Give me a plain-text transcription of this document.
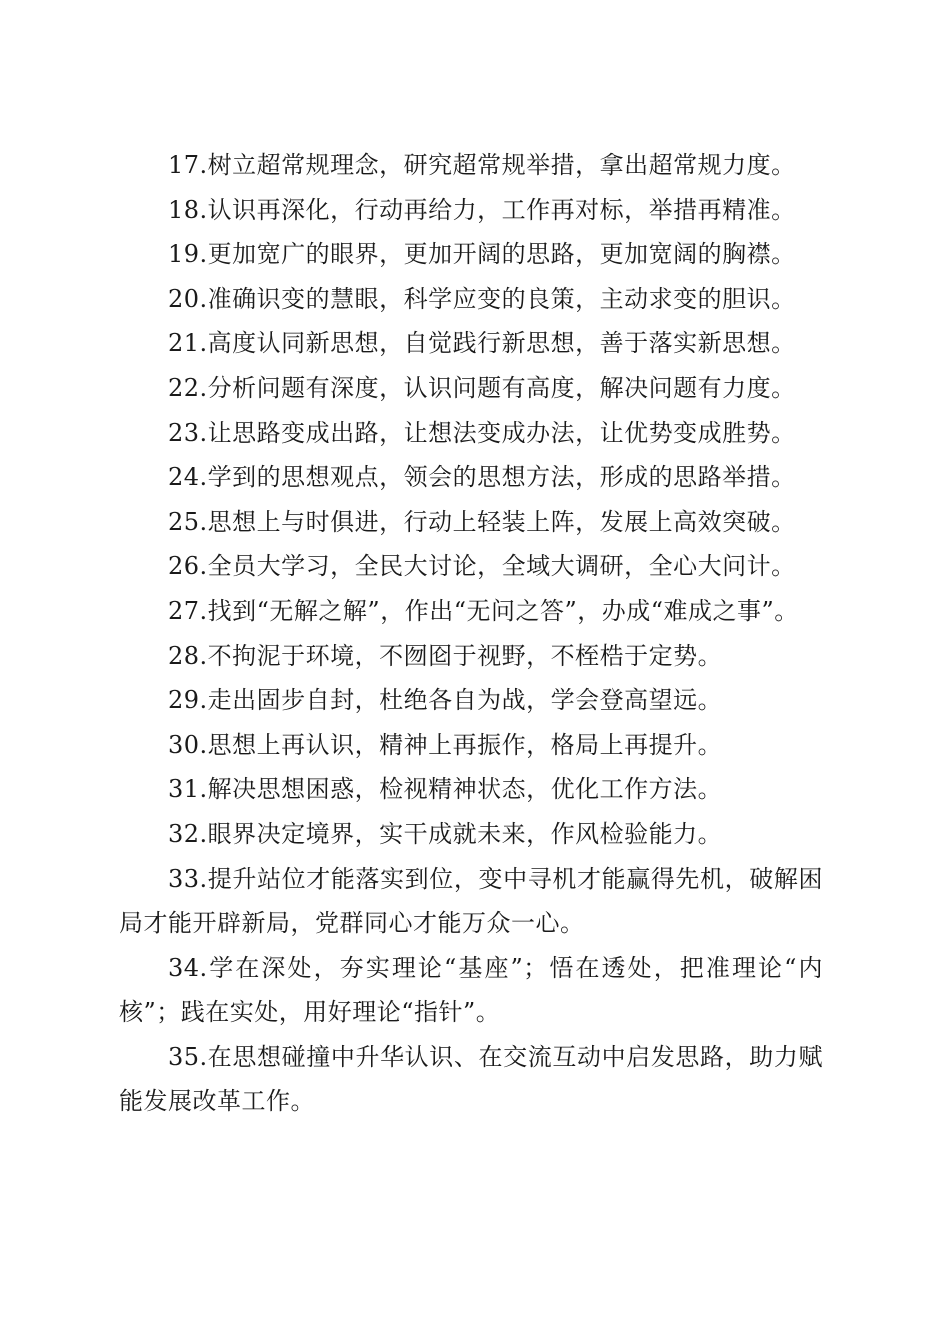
17.树立超常规理念，研究超常规举措，拿出超常规力度。

18.认识再深化，行动再给力，工作再对标，举措再精准。

19.更加宽广的眼界，更加开阔的思路，更加宽阔的胸襟。

20.准确识变的慧眼，科学应变的良策，主动求变的胆识。

21.高度认同新思想，自觉践行新思想，善于落实新思想。

22.分析问题有深度，认识问题有高度，解决问题有力度。

23.让思路变成出路，让想法变成办法，让优势变成胜势。

24.学到的思想观点，领会的思想方法，形成的思路举措。

25.思想上与时俱进，行动上轻装上阵，发展上高效突破。

26.全员大学习，全民大讨论，全域大调研，全心大问计。

27.找到“无解之解”，作出“无问之答”，办成“难成之事”。

28.不拘泥于环境，不囫囵于视野，不桎梏于定势。

29.走出固步自封，杜绝各自为战，学会登高望远。

30.思想上再认识，精神上再振作，格局上再提升。

31.解决思想困惑，检视精神状态，优化工作方法。

32.眼界决定境界，实干成就未来，作风检验能力。

33.提升站位才能落实到位，变中寻机才能赢得先机，破解困局才能开辟新局，党群同心才能万众一心。

34.学在深处，夯实理论“基座”；悟在透处，把准理论“内核”；践在实处，用好理论“指针”。

35.在思想碰撞中升华认识、在交流互动中启发思路，助力赋能发展改革工作。
